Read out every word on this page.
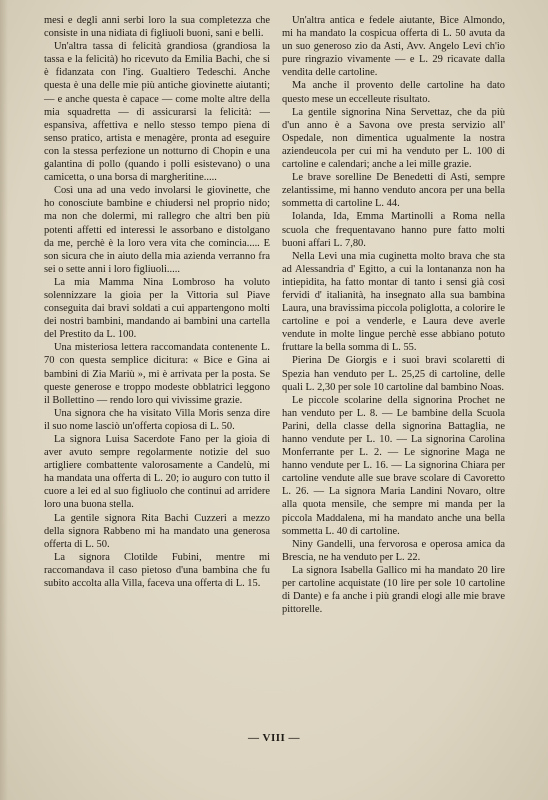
mesi e degli anni serbi loro la sua completezza che consiste in una nidiata di figliuoli buoni, sani e belli.

Un'altra tassa di felicità grandiosa (grandiosa la tassa e la felicità) ho ricevuto da Emilia Bachi, che si è fidanzata con l'ing. Gualtiero Tedeschi. Anche questa è una delle mie più antiche giovinette aiutanti; — e anche questa è capace — come molte altre della mia squadretta — di assicurarsi la felicità: — espansiva, affettiva e nello stesso tempo piena di senso pratico, artista e menagère, pronta ad eseguire con la stessa perfezione un notturno di Chopin e una galantina di pollo (quando i polli esistevano) o una camicetta, o una borsa di margheritine.....

Così una ad una vedo involarsi le giovinette, che ho conosciute bambine e chiudersi nel proprio nido; ma non che dolermi, mi rallegro che altri ben più potenti affetti ed interessi le assorbano e distolgano da me, perchè è la loro vera vita che comincia..... E son sicura che in aiuto della mia azienda verranno fra sei o sette anni i loro figliuoli.....

La mia Mamma Nina Lombroso ha voluto solennizzare la gioia per la Vittoria sul Piave conseguita dai bravi soldati a cui appartengono molti dei nostri bambini, mandando ai bambini una cartella del Prestito da L. 100.

Una misteriosa lettera raccomandata contenente L. 70 con questa semplice dicitura: « Bice e Gina ai bambini di Zia Mariù », mi è arrivata per la posta. Se queste generose e troppo modeste obblatrici leggono il Bollettino — rendo loro qui vivissime grazie.

Una signora che ha visitato Villa Moris senza dire il suo nome lasciò un'offerta copiosa di L. 50.

La signora Luisa Sacerdote Fano per la gioia di aver avuto sempre regolarmente notizie del suo artigliere combattente valorosamente a Candelù, mi ha mandata una offerta di L. 20; io auguro con tutto il cuore a lei ed al suo figliuolo che continui ad arridere loro una buona stella.

La gentile signora Rita Bachi Cuzzeri a mezzo della signora Rabbeno mi ha mandato una generosa offerta di L. 50.

La signora Clotilde Fubini, mentre mi raccomandava il caso pietoso d'una bambina che fu subito accolta alla Villa, faceva una offerta di L. 15.

Un'altra antica e fedele aiutante, Bice Almondo, mi ha mandato la cospicua offerta di L. 50 avuta da un suo generoso zio da Asti, Avv. Angelo Levi ch'io pure ringrazio vivamente — e L. 29 ricavate dalla vendita delle cartoline.

Ma anche il provento delle cartoline ha dato questo mese un eccelleute risultato.

La gentile signorina Nina Servettaz, che da più d'un anno è a Savona ove presta servizio all' Ospedale, non dimentica ugualmente la nostra aziendeucola per cui mi ha venduto per L. 100 di cartoline e calendari; anche a lei mille grazie.

Le brave sorelline De Benedetti di Asti, sempre zelantissime, mi hanno venduto ancora per una bella sommetta di cartoline L. 44.

Iolanda, Ida, Emma Martinolli a Roma nella scuola che frequentavano hanno pure fatto molti buoni affari L. 7,80.

Nella Levi una mia cuginetta molto brava che sta ad Alessandria d' Egitto, a cui la lontananza non ha intiepidita, ha fatto montar di tanto i sensi già così fervidi d' italianità, ha insegnato alla sua bambina Laura, una bravissima piccola poliglotta, a colorire le cartoline e poi a venderle, e Laura deve averle vendute in molte lingue perchè esse abbiano potuto fruttare la bella somma di L. 55.

Pierina De Giorgis e i suoi bravi scolaretti di Spezia han venduto per L. 25,25 di cartoline, delle quali L. 2,30 per sole 10 cartoline dal bambino Noas.

Le piccole scolarine della signorina Prochet ne han venduto per L. 8. — Le bambine della Scuola Parini, della classe della signorina Battaglia, ne hanno vendute per L. 10. — La signorina Carolina Monferrante per L. 2. — Le signorine Maga ne hanno vendute per L. 16. — La signorina Chiara per cartoline vendute alle sue brave scolare di Cavoretto L. 26. — La signora Maria Landini Novaro, oltre alla quota mensile, che sempre mi manda per la piccola Maddalena, mi ha mandato anche una bella sommetta L. 40 di cartoline.

Niny Gandelli, una fervorosa e operosa amica da Brescia, ne ha venduto per L. 22.

La signora Isabella Gallico mi ha mandato 20 lire per cartoline acquistate (10 lire per sole 10 cartoline di Dante) e fa anche i più grandi elogi alle mie brave pittorelle.

— VIII —
